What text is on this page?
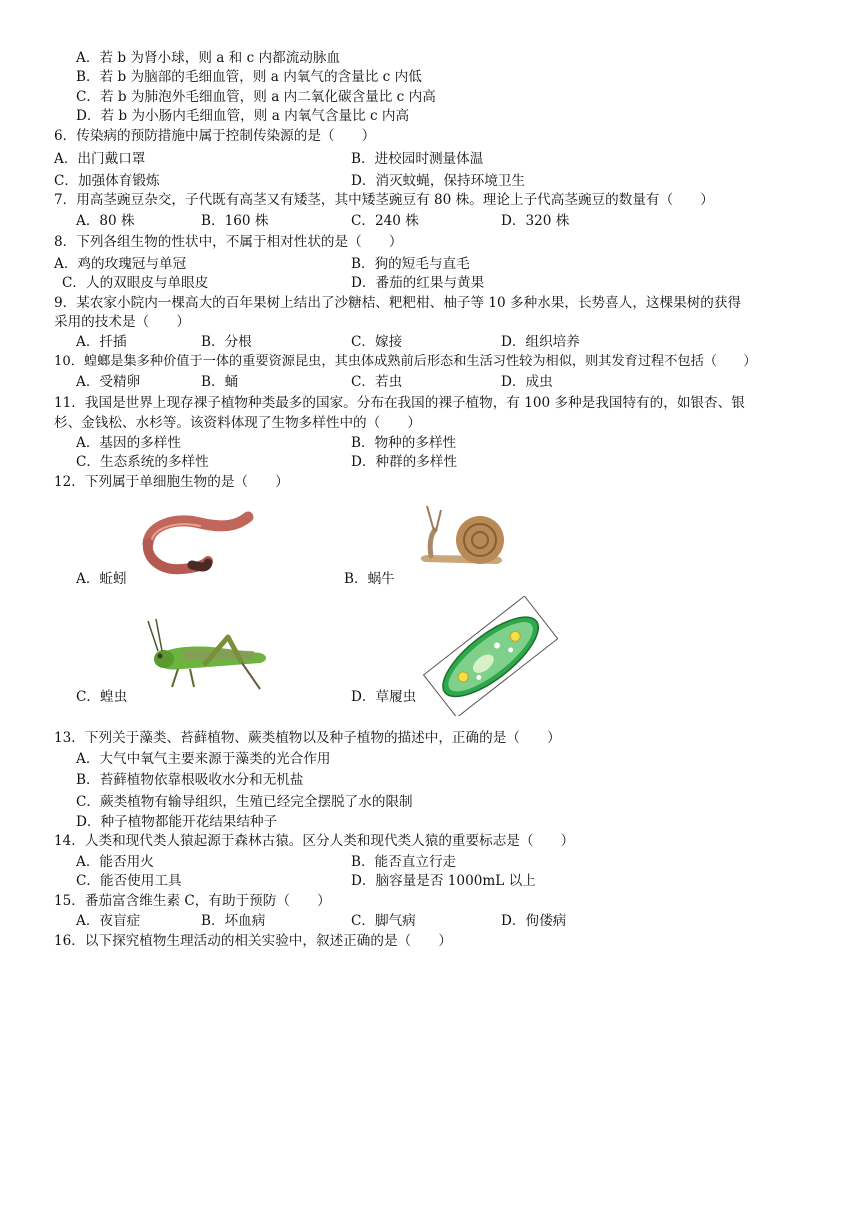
A．若 b 为肾小球，则 a 和 c 内都流动脉血
B．若 b 为脑部的毛细血管，则 a 内氧气的含量比 c 内低
C．若 b 为肺泡外毛细血管，则 a 内二氧化碳含量比 c 内高
D．若 b 为小肠内毛细血管，则 a 内氧气含量比 c 内高
6．传染病的预防措施中属于控制传染源的是（　　）
A．出门戴口罩	B．进校园时测量体温
C．加强体育锻炼	D．消灭蚊蝇，保持环境卫生
7．用高茎豌豆杂交，子代既有高茎又有矮茎，其中矮茎豌豆有 80 株。理论上子代高茎豌豆的数量有（　　）
A．80 株	B．160 株	C．240 株	D．320 株
8．下列各组生物的性状中，不属于相对性状的是（　　）
A．鸡的玫瑰冠与单冠	B．狗的短毛与直毛
C．人的双眼皮与单眼皮	D．番茄的红果与黄果
9．某农家小院内一棵高大的百年果树上结出了沙糖桔、粑粑柑、柚子等 10 多种水果，长势喜人，这棵果树的获得
采用的技术是（　　）
A．扦插	B．分根	C．嫁接	D．组织培养
10．蝗螂是集多种价值于一体的重要资源昆虫，其虫体成熟前后形态和生活习性较为相似，则其发育过程不包括（　　）
A．受精卵	B．蛹	C．若虫	D．成虫
11．我国是世界上现存裸子植物种类最多的国家。分布在我国的裸子植物，有 100 多种是我国特有的，如银杏、银
杉、金钱松、水杉等。该资料体现了生物多样性中的（　　）
A．基因的多样性	B．物种的多样性
C．生态系统的多样性	D．种群的多样性
12．下列属于单细胞生物的是（　　）
A．蚯蚓	B．蜗牛
C．蝗虫	D．草履虫
13．下列关于藻类、苔藓植物、蕨类植物以及种子植物的描述中，正确的是（　　）
A．大气中氧气主要来源于藻类的光合作用
B．苔藓植物依靠根吸收水分和无机盐
C．蕨类植物有输导组织，生殖已经完全摆脱了水的限制
D．种子植物都能开花结果结种子
14．人类和现代类人猿起源于森林古猿。区分人类和现代类人猿的重要标志是（　　）
A．能否用火	B．能否直立行走
C．能否使用工具	D．脑容量是否 1000mL 以上
15．番茄富含维生素 C，有助于预防（　　）
A．夜盲症	B．坏血病	C．脚气病	D．佝偻病
16．以下探究植物生理活动的相关实验中，叙述正确的是（　　）
